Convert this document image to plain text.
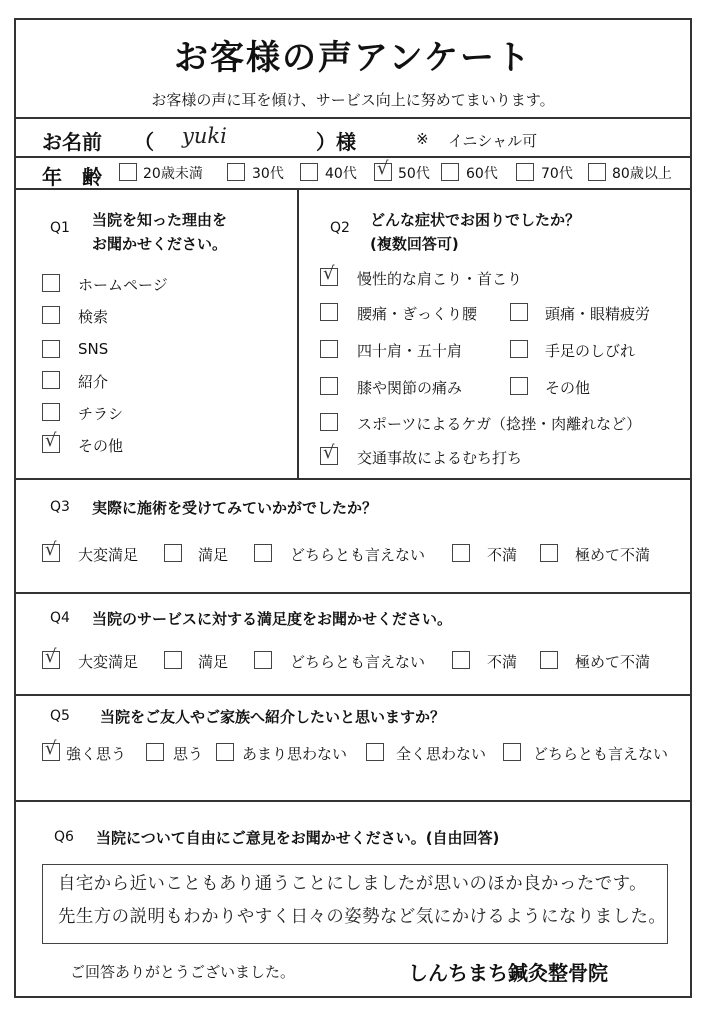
お客様の声アンケート
お客様の声に耳を傾け、サービス向上に努めてまいります。
お名前 （ yuki	）様	※ イニシャル可
年　齢	20歳未満	30代	40代 √ 50代	60代	70代	80歳以上
Q1 当院を知った理由を
お聞かせください。
ホームページ
検索
SNS
紹介
チラシ
√ その他
Q2 どんな症状でお困りでしたか？
(複数回答可)
√ 慢性的な肩こり・首こり
腰痛・ぎっくり腰	頭痛・眼精疲労
四十肩・五十肩	手足のしびれ
膝や関節の痛み	その他
スポーツによるケガ（捻挫・肉離れなど）
√ 交通事故によるむち打ち
Q3 実際に施術を受けてみていかがでしたか？
√ 大変満足	満足	どちらとも言えない	不満	極めて不満
Q4 当院のサービスに対する満足度をお聞かせください。
√ 大変満足	満足	どちらとも言えない	不満	極めて不満
Q5 当院をご友人やご家族へ紹介したいと思いますか？
√ 強く思う	思う	あまり思わない	全く思わない	どちらとも言えない
Q6 当院について自由にご意見をお聞かせください。(自由回答)
自宅から近いこともあり通うことにしましたが思いのほか良かったです。
先生方の説明もわかりやすく日々の姿勢など気にかけるようになりました。
ご回答ありがとうございました。	しんちまち鍼灸整骨院
